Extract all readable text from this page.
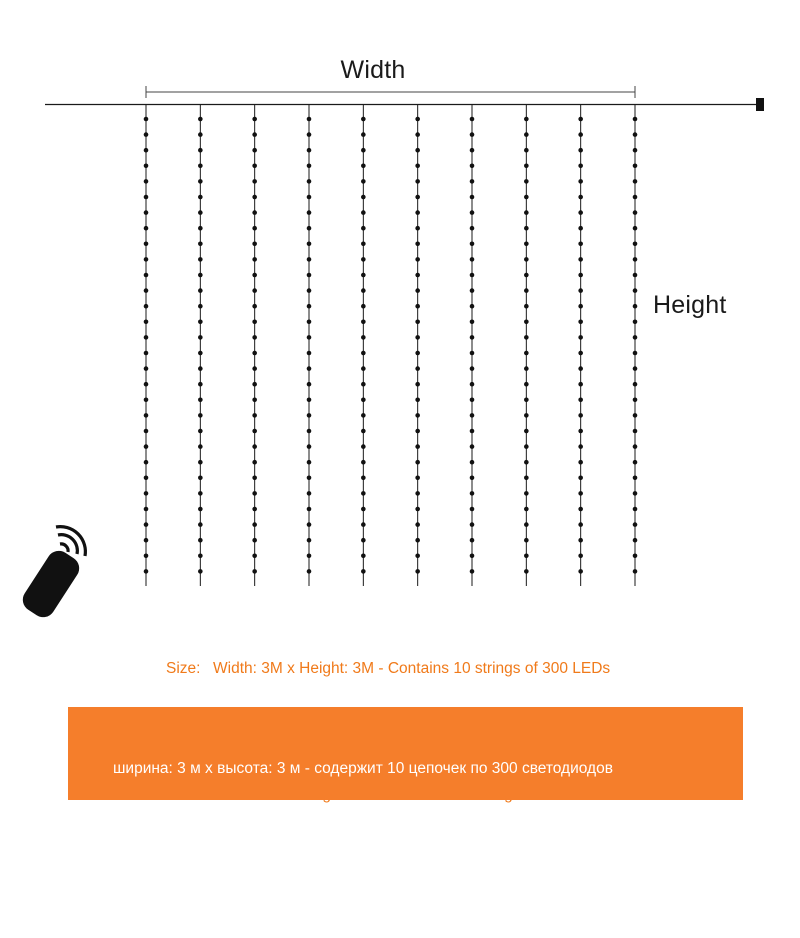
Width
Height

Size: Width: 3M x Height: 3M - Contains 10 strings of 300 LEDs

ширина: 3 м х высота: 3 м - содержит 10 цепочек по 300 светодиодов

Ширина: 3 м х высота: 2 м - содержит 10 цепочек по 200 светодиодов

Ширина: 3 м х высота: 1 м - содержит 10 цепочек по 100 светодиодов
